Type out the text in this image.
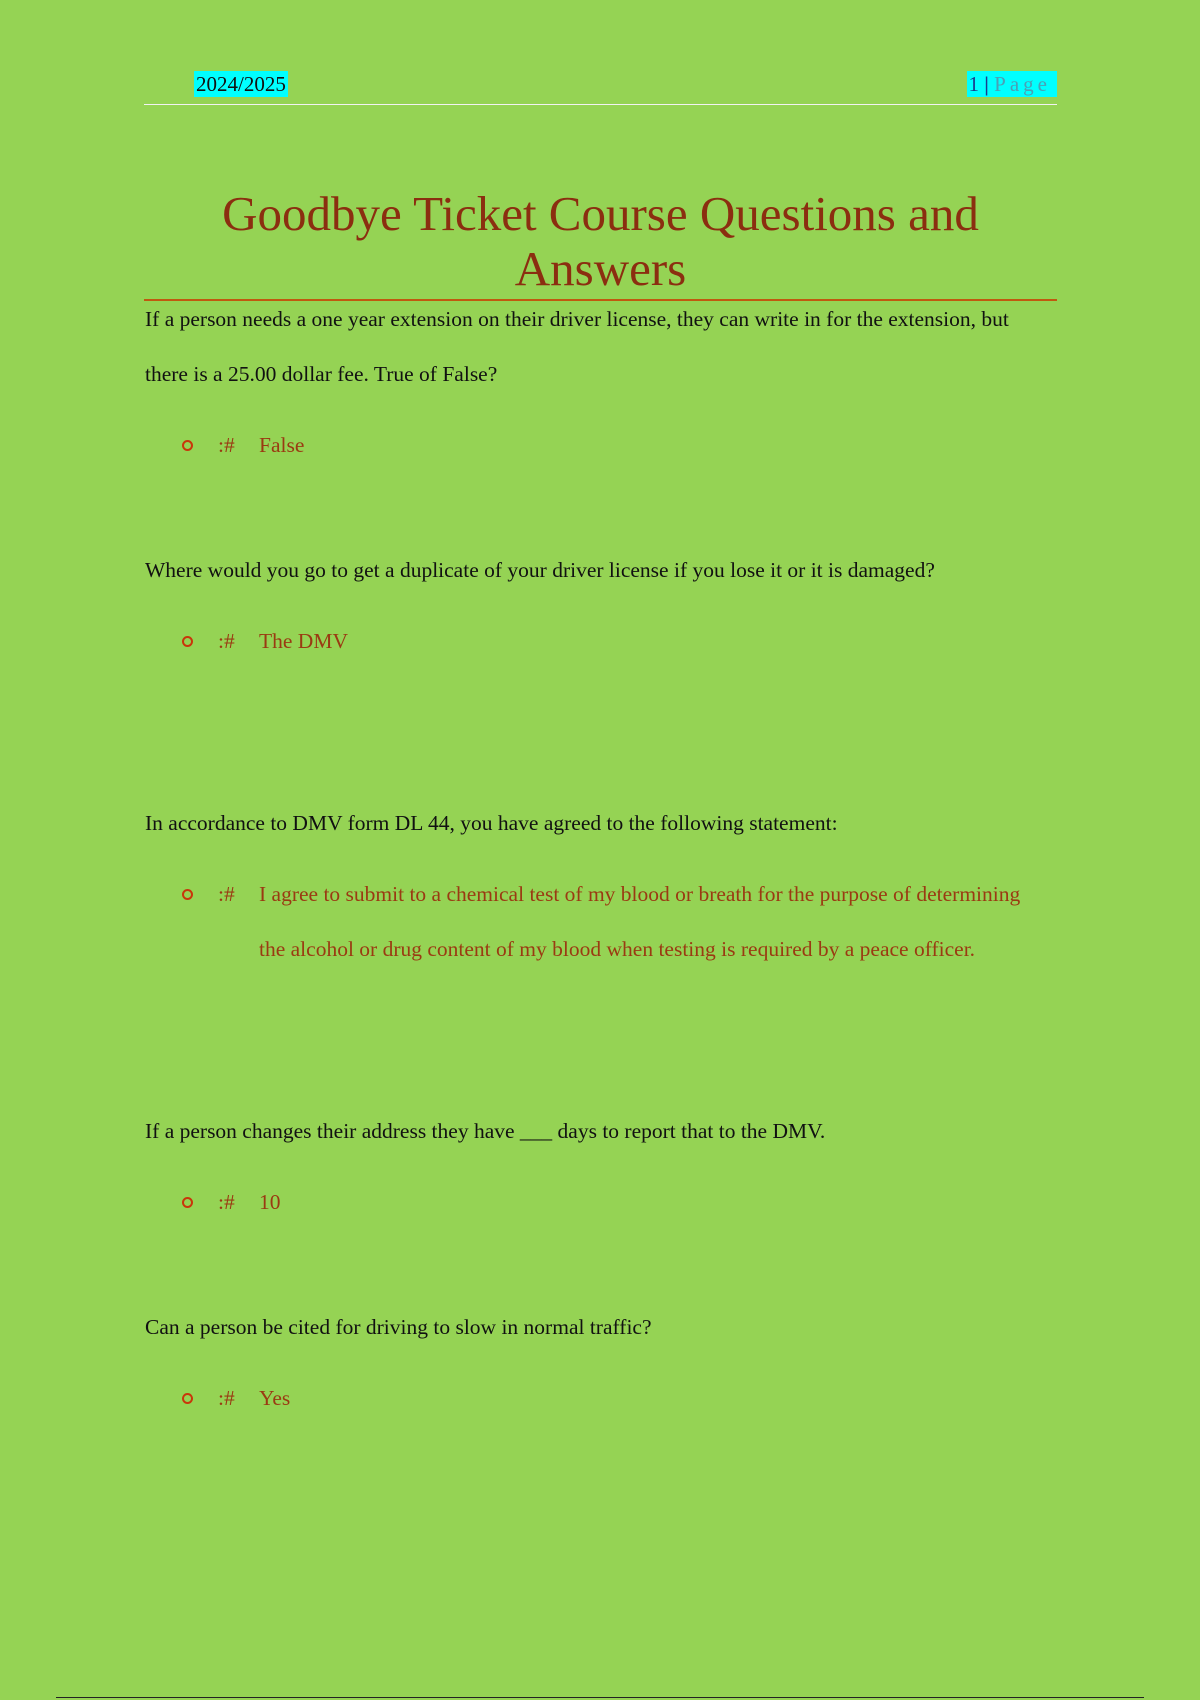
2024/2025	1 | Page
Goodbye Ticket Course Questions and Answers

If a person needs a one year extension on their driver license, they can write in for the extension, but there is a 25.00 dollar fee. True of False?

:#	False

Where would you go to get a duplicate of your driver license if you lose it or it is damaged?

:#	The DMV

In accordance to DMV form DL 44, you have agreed to the following statement:

:#	I agree to submit to a chemical test of my blood or breath for the purpose of determining the alcohol or drug content of my blood when testing is required by a peace officer.

If a person changes their address they have ___ days to report that to the DMV.

:#	10

Can a person be cited for driving to slow in normal traffic?

:#	Yes
